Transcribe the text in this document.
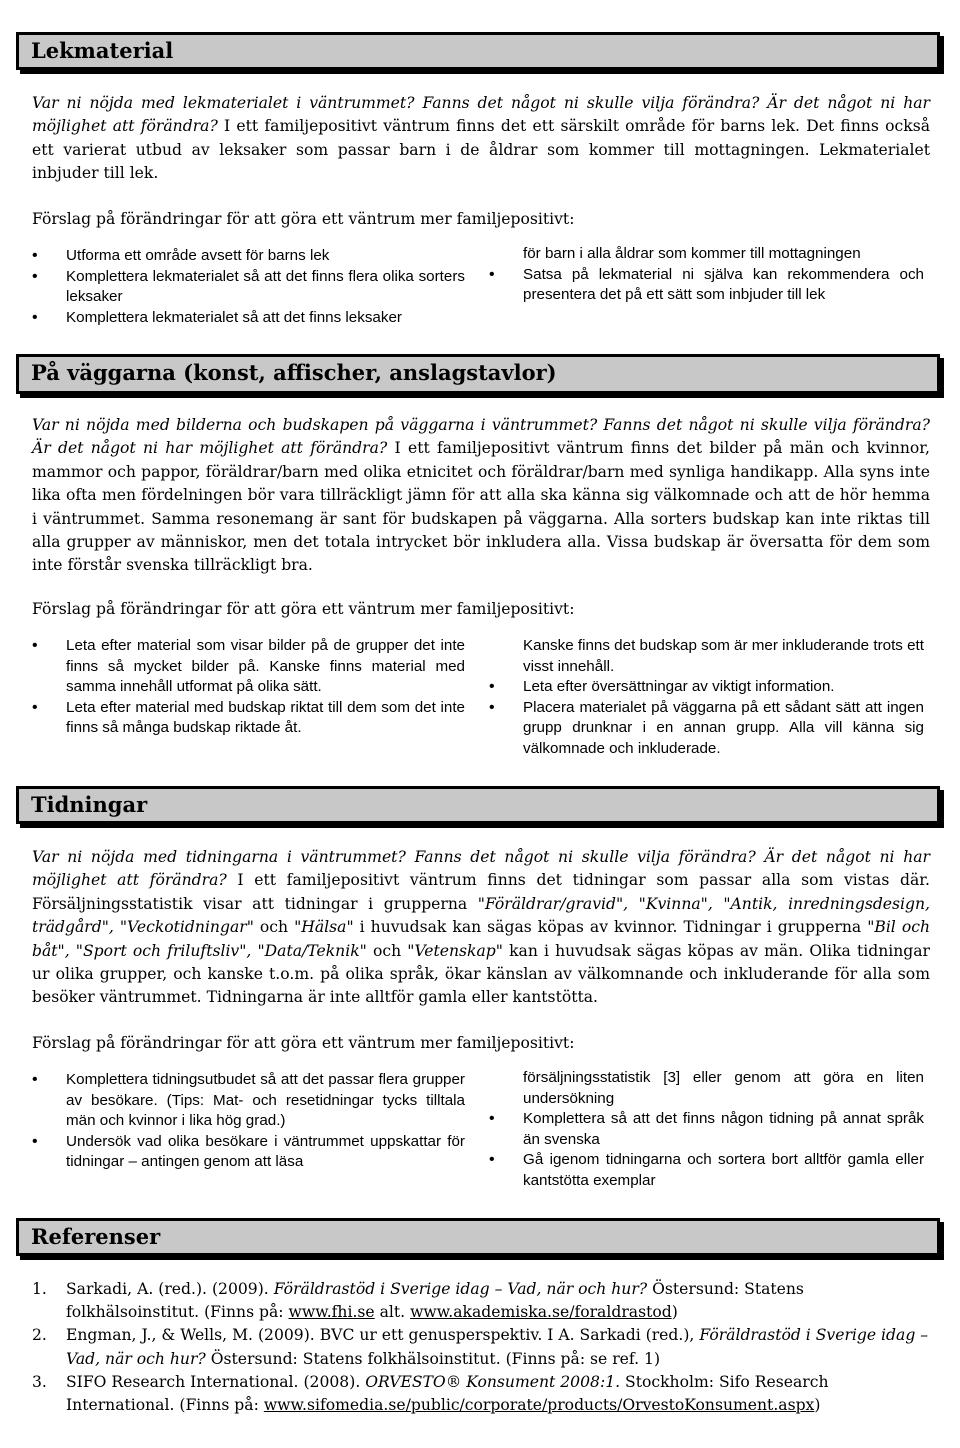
Lekmaterial
Var ni nöjda med lekmaterialet i väntrummet? Fanns det något ni skulle vilja förändra? Är det något ni har möjlighet att förändra? I ett familjepositivt väntrum finns det ett särskilt område för barns lek. Det finns också ett varierat utbud av leksaker som passar barn i de åldrar som kommer till mottagningen. Lekmaterialet inbjuder till lek.
Förslag på förändringar för att göra ett väntrum mer familjepositivt:
• Utforma ett område avsett för barns lek
• Komplettera lekmaterialet så att det finns flera olika sorters leksaker
• Komplettera lekmaterialet så att det finns leksaker
för barn i alla åldrar som kommer till mottagningen
• Satsa på lekmaterial ni själva kan rekommendera och presentera det på ett sätt som inbjuder till lek
På väggarna (konst, affischer, anslagstavlor)
Var ni nöjda med bilderna och budskapen på väggarna i väntrummet? Fanns det något ni skulle vilja förändra? Är det något ni har möjlighet att förändra? I ett familjepositivt väntrum finns det bilder på män och kvinnor, mammor och pappor, föräldrar/barn med olika etnicitet och föräldrar/barn med synliga handikapp. Alla syns inte lika ofta men fördelningen bör vara tillräckligt jämn för att alla ska känna sig välkomnade och att de hör hemma i väntrummet. Samma resonemang är sant för budskapen på väggarna. Alla sorters budskap kan inte riktas till alla grupper av människor, men det totala intrycket bör inkludera alla. Vissa budskap är översatta för dem som inte förstår svenska tillräckligt bra.
Förslag på förändringar för att göra ett väntrum mer familjepositivt:
• Leta efter material som visar bilder på de grupper det inte finns så mycket bilder på. Kanske finns material med samma innehåll utformat på olika sätt.
• Leta efter material med budskap riktat till dem som det inte finns så många budskap riktade åt.
Kanske finns det budskap som är mer inkluderande trots ett visst innehåll.
• Leta efter översättningar av viktigt information.
• Placera materialet på väggarna på ett sådant sätt att ingen grupp drunknar i en annan grupp. Alla vill känna sig välkomnade och inkluderade.
Tidningar
Var ni nöjda med tidningarna i väntrummet? Fanns det något ni skulle vilja förändra? Är det något ni har möjlighet att förändra? I ett familjepositivt väntrum finns det tidningar som passar alla som vistas där. Försäljningsstatistik visar att tidningar i grupperna "Föräldrar/gravid", "Kvinna", "Antik, inredningsdesign, trädgård", "Veckotidningar" och "Hälsa" i huvudsak kan sägas köpas av kvinnor. Tidningar i grupperna "Bil och båt", "Sport och friluftsliv", "Data/Teknik" och "Vetenskap" kan i huvudsak sägas köpas av män. Olika tidningar ur olika grupper, och kanske t.o.m. på olika språk, ökar känslan av välkomnande och inkluderande för alla som besöker väntrummet. Tidningarna är inte alltför gamla eller kantstötta.
Förslag på förändringar för att göra ett väntrum mer familjepositivt:
• Komplettera tidningsutbudet så att det passar flera grupper av besökare. (Tips: Mat- och resetidningar tycks tilltala män och kvinnor i lika hög grad.)
• Undersök vad olika besökare i väntrummet uppskattar för tidningar – antingen genom att läsa
försäljningsstatistik [3] eller genom att göra en liten undersökning
• Komplettera så att det finns någon tidning på annat språk än svenska
• Gå igenom tidningarna och sortera bort alltför gamla eller kantstötta exemplar
Referenser
1. Sarkadi, A. (red.). (2009). Föräldrastöd i Sverige idag – Vad, när och hur? Östersund: Statens folkhälsoinstitut. (Finns på: www.fhi.se alt. www.akademiska.se/foraldrastod)
2. Engman, J., & Wells, M. (2009). BVC ur ett genusperspektiv. I A. Sarkadi (red.), Föräldrastöd i Sverige idag – Vad, när och hur? Östersund: Statens folkhälsoinstitut. (Finns på: se ref. 1)
3. SIFO Research International. (2008). ORVESTO® Konsument 2008:1. Stockholm: Sifo Research International. (Finns på: www.sifomedia.se/public/corporate/products/OrvestoKonsument.aspx)
